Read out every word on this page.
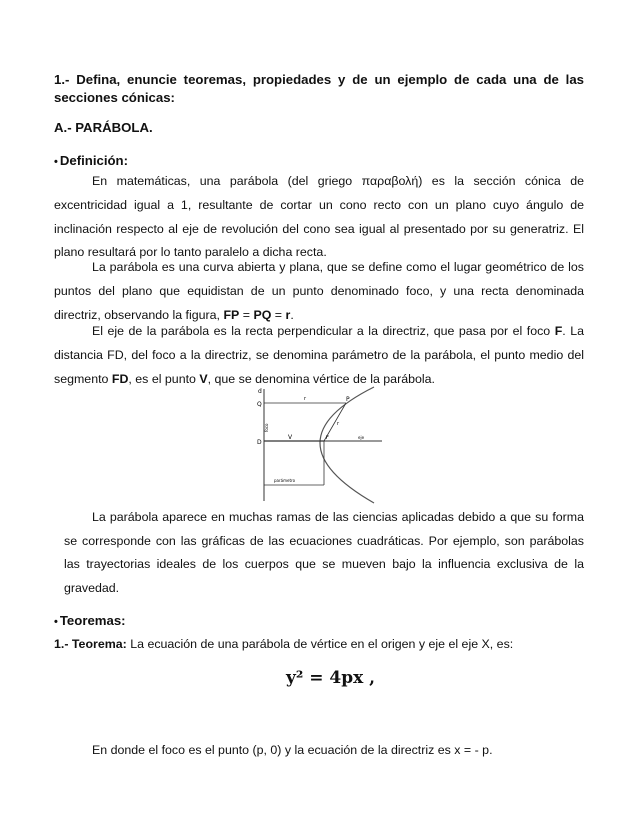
1.- Defina, enuncie teoremas, propiedades y de un ejemplo de cada una de las secciones cónicas:

A.- PARÁBOLA.

• Definición:

En matemáticas, una parábola (del griego παραβολή) es la sección cónica de excentricidad igual a 1, resultante de cortar un cono recto con un plano cuyo ángulo de inclinación respecto al eje de revolución del cono sea igual al presentado por su generatriz. El plano resultará por lo tanto paralelo a dicha recta.

La parábola es una curva abierta y plana, que se define como el lugar geométrico de los puntos del plano que equidistan de un punto denominado foco, y una recta denominada directriz, observando la figura, FP = PQ = r.

El eje de la parábola es la recta perpendicular a la directriz, que pasa por el foco F. La distancia FD, del foco a la directriz, se denomina parámetro de la parábola, el punto medio del segmento FD, es el punto V, que se denomina vértice de la parábola.

d
Q
r	P
r
V	F	eje
D
foco
parámetro

La parábola aparece en muchas ramas de las ciencias aplicadas debido a que su forma se corresponde con las gráficas de las ecuaciones cuadráticas. Por ejemplo, son parábolas las trayectorias ideales de los cuerpos que se mueven bajo la influencia exclusiva de la gravedad.

• Teoremas:

1.- Teorema: La ecuación de una parábola de vértice en el origen y eje el eje X, es:

y² = 4px ,

En donde el foco es el punto (p, 0) y la ecuación de la directriz es x = - p.
